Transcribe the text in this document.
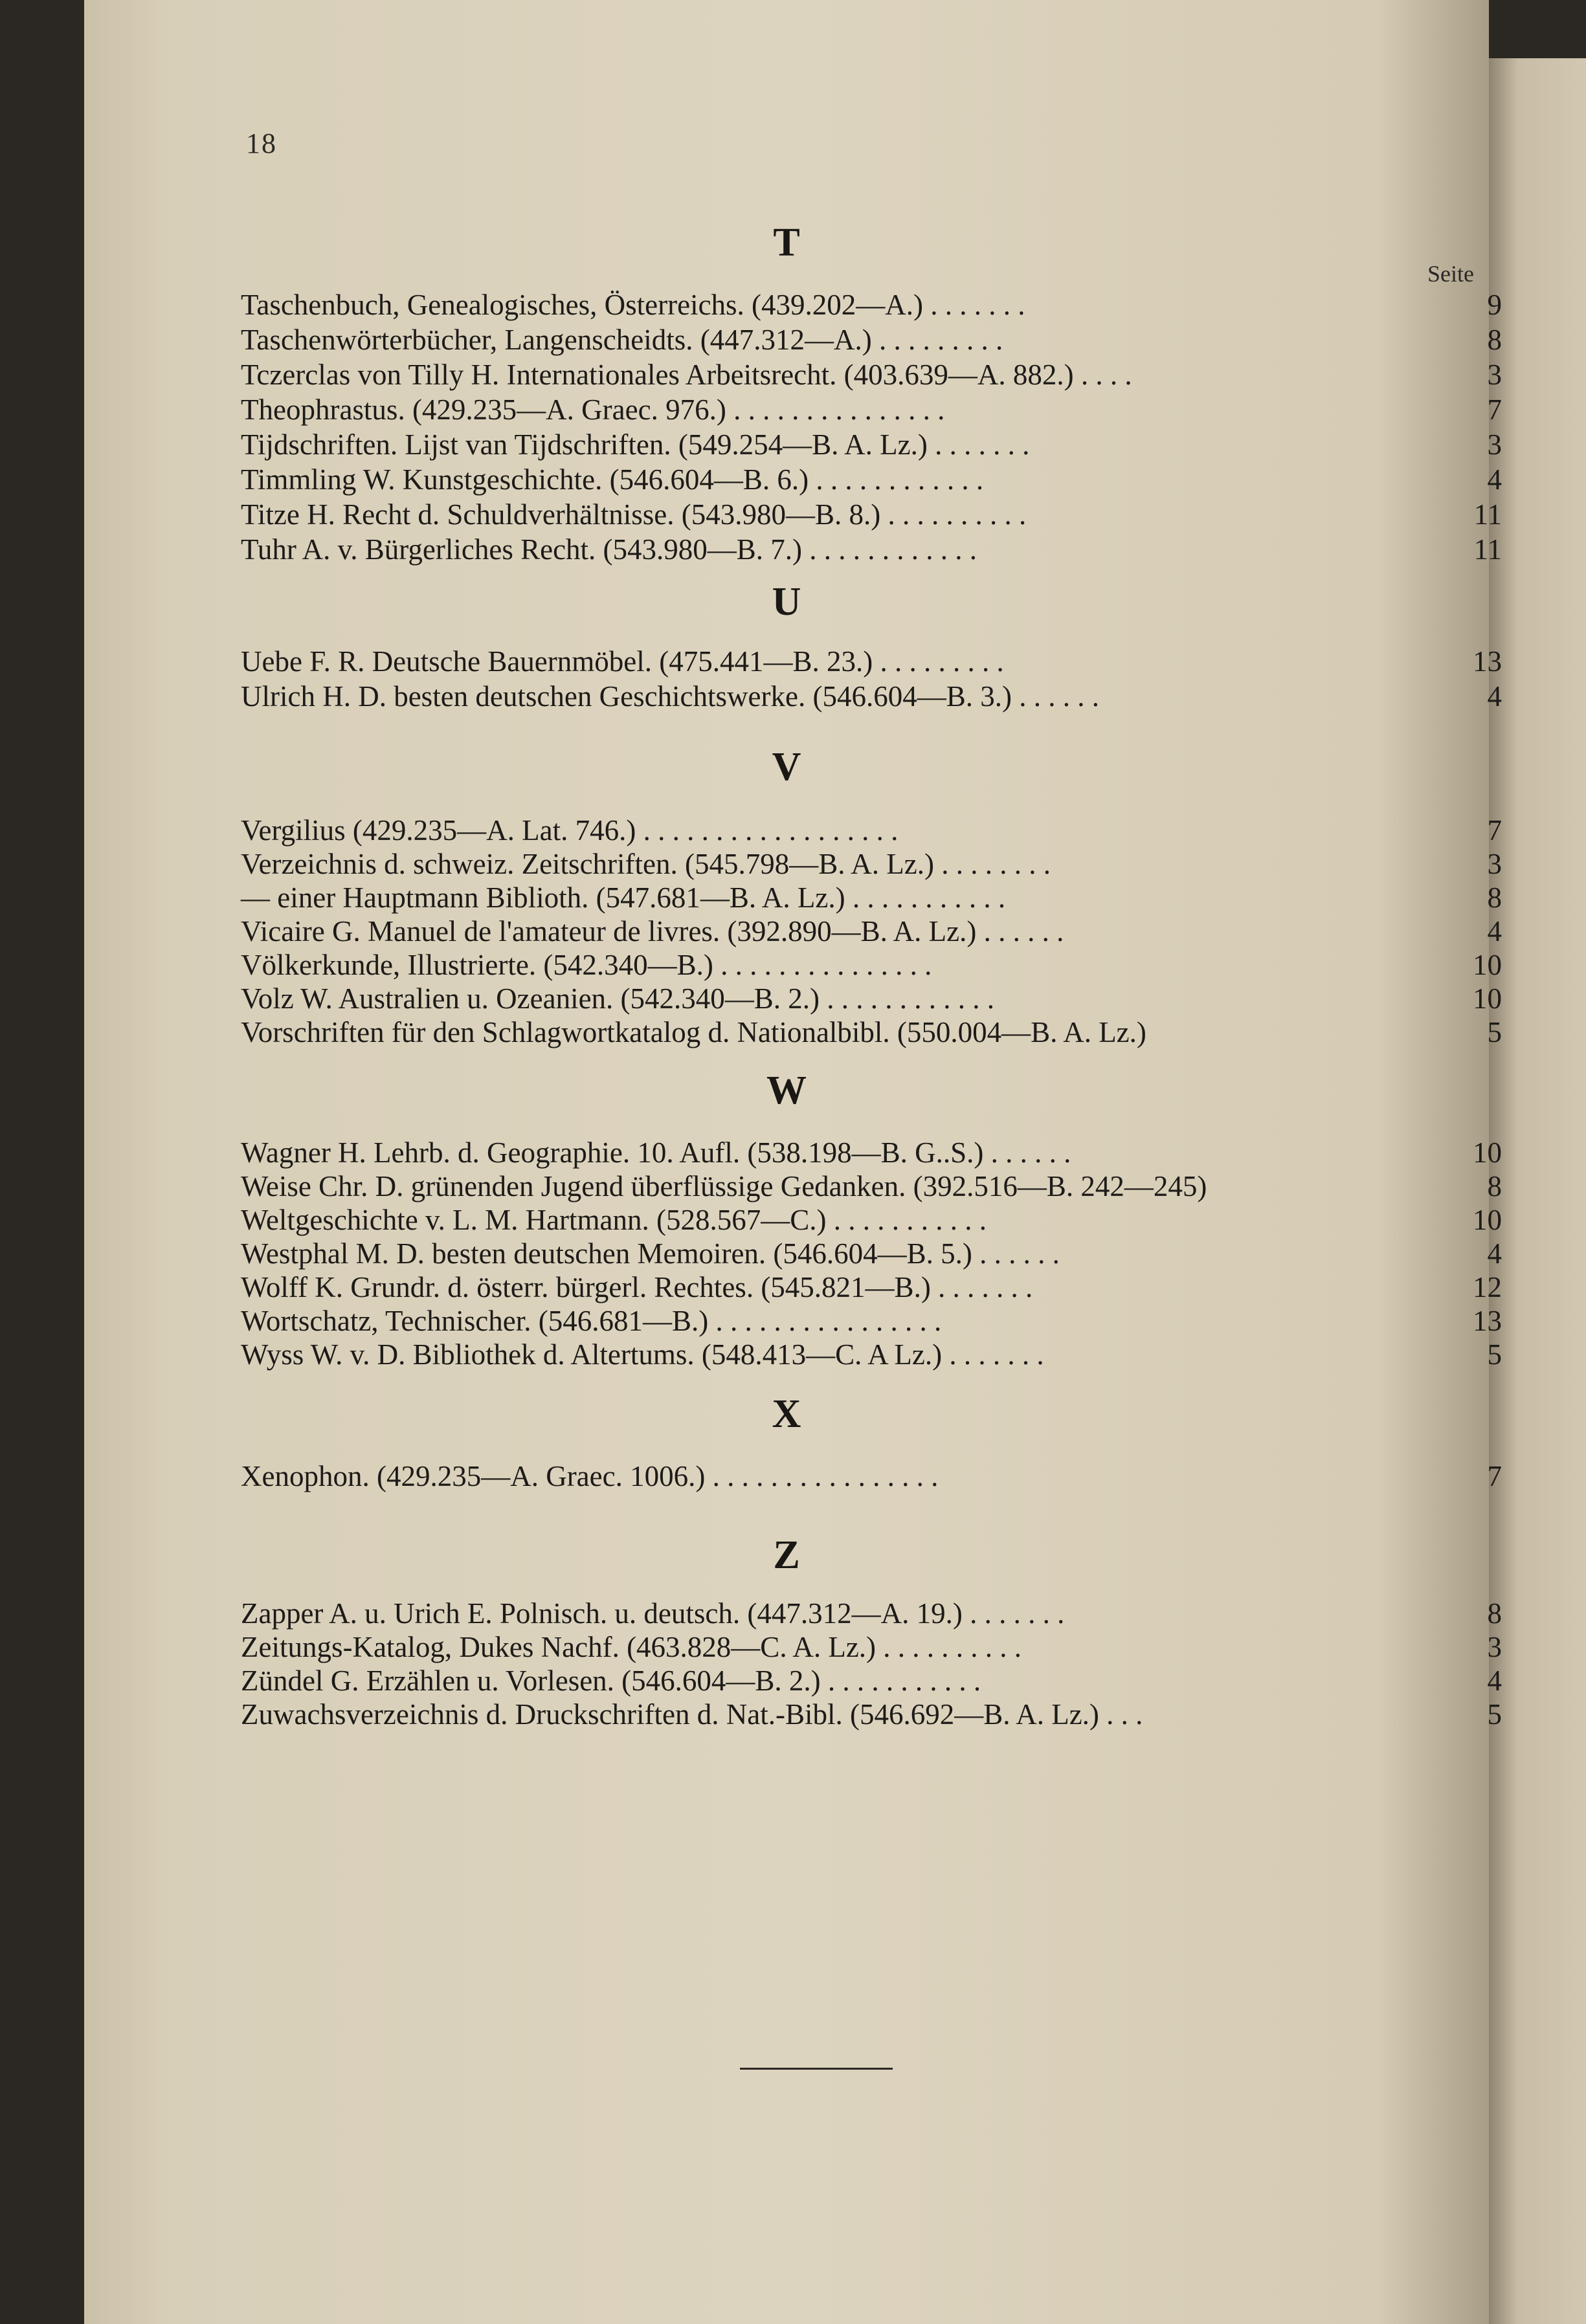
18
Seite
T
Taschenbuch, Genealogisches, Österreichs. (439.202—A.) . . . . . . .	9
Taschenwörterbücher, Langenscheidts. (447.312—A.) . . . . . . . . .	8
Tczerclas von Tilly H. Internationales Arbeitsrecht. (403.639—A. 882.) . . . .	3
Theophrastus. (429.235—A. Graec. 976.) . . . . . . . . . . . . . . .	7
Tijdschriften. Lijst van Tijdschriften. (549.254—B. A. Lz.) . . . . . . .	3
Timmling W. Kunstgeschichte. (546.604—B. 6.) . . . . . . . . . . . .	4
Titze H. Recht d. Schuldverhältnisse. (543.980—B. 8.) . . . . . . . . . .	11
Tuhr A. v. Bürgerliches Recht. (543.980—B. 7.) . . . . . . . . . . . .	11
U
Uebe F. R. Deutsche Bauernmöbel. (475.441—B. 23.) . . . . . . . . .	13
Ulrich H. D. besten deutschen Geschichtswerke. (546.604—B. 3.) . . . . . .	4
V
Vergilius (429.235—A. Lat. 746.) . . . . . . . . . . . . . . . . . .	7
Verzeichnis d. schweiz. Zeitschriften. (545.798—B. A. Lz.) . . . . . . . .	3
— einer Hauptmann Biblioth. (547.681—B. A. Lz.) . . . . . . . . . . .	8
Vicaire G. Manuel de l'amateur de livres. (392.890—B. A. Lz.) . . . . . .	4
Völkerkunde, Illustrierte. (542.340—B.) . . . . . . . . . . . . . . .	10
Volz W. Australien u. Ozeanien. (542.340—B. 2.) . . . . . . . . . . . .	10
Vorschriften für den Schlagwortkatalog d. Nationalbibl. (550.004—B. A. Lz.)	5
W
Wagner H. Lehrb. d. Geographie. 10. Aufl. (538.198—B. G..S.) . . . . . .	10
Weise Chr. D. grünenden Jugend überflüssige Gedanken. (392.516—B. 242—245)	8
Weltgeschichte v. L. M. Hartmann. (528.567—C.) . . . . . . . . . . .	10
Westphal M. D. besten deutschen Memoiren. (546.604—B. 5.) . . . . . .	4
Wolff K. Grundr. d. österr. bürgerl. Rechtes. (545.821—B.) . . . . . . .	12
Wortschatz, Technischer. (546.681—B.) . . . . . . . . . . . . . . . .	13
Wyss W. v. D. Bibliothek d. Altertums. (548.413—C. A Lz.) . . . . . . .	5
X
Xenophon. (429.235—A. Graec. 1006.) . . . . . . . . . . . . . . . .	7
Z
Zapper A. u. Urich E. Polnisch. u. deutsch. (447.312—A. 19.) . . . . . . .	8
Zeitungs-Katalog, Dukes Nachf. (463.828—C. A. Lz.) . . . . . . . . . .	3
Zündel G. Erzählen u. Vorlesen. (546.604—B. 2.) . . . . . . . . . . .	4
Zuwachsverzeichnis d. Druckschriften d. Nat.-Bibl. (546.692—B. A. Lz.) . . .	5
